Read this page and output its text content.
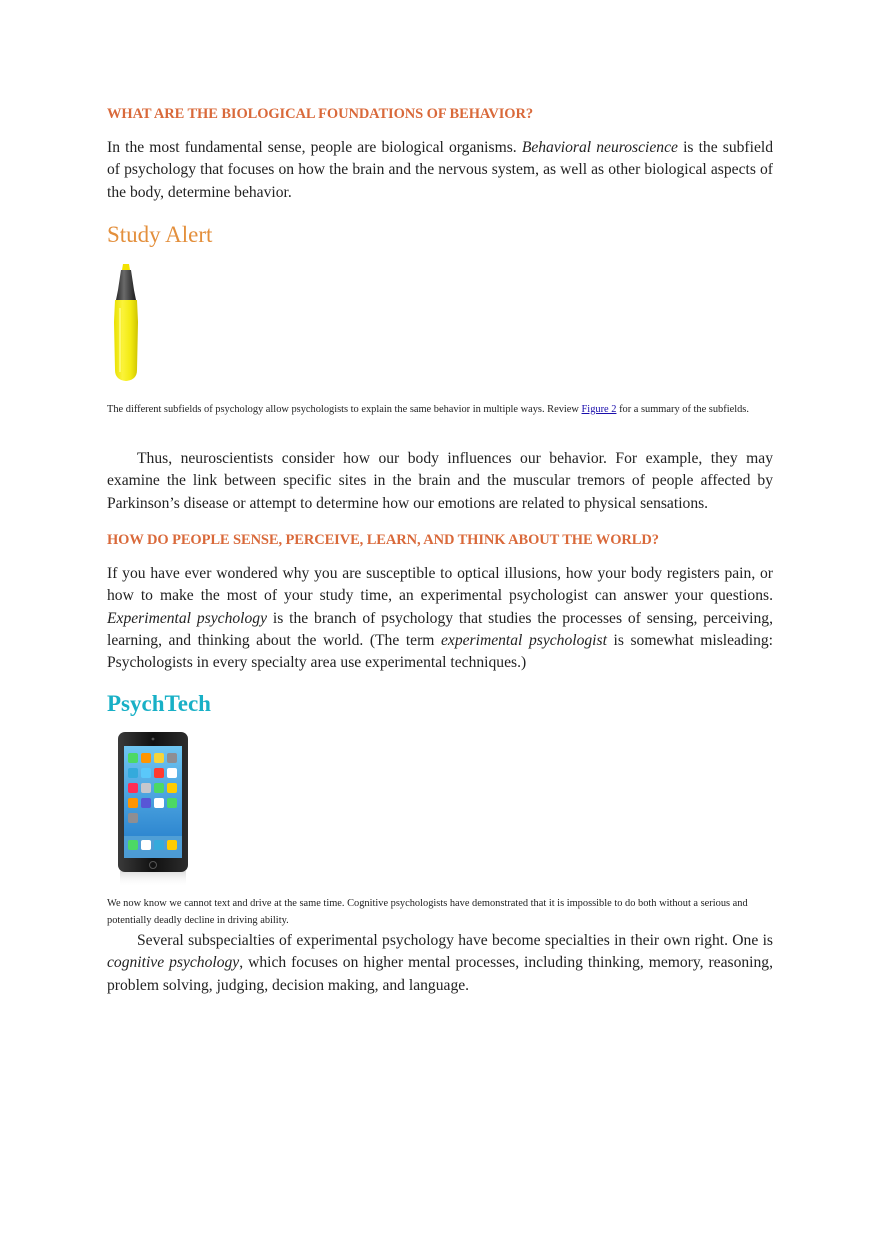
WHAT ARE THE BIOLOGICAL FOUNDATIONS OF BEHAVIOR?

In the most fundamental sense, people are biological organisms. Behavioral neuroscience is the subfield of psychology that focuses on how the brain and the nervous system, as well as other biological aspects of the body, determine behavior.

Study Alert

The different subfields of psychology allow psychologists to explain the same behavior in multiple ways. Review Figure 2 for a summary of the subfields.

Thus, neuroscientists consider how our body influences our behavior. For example, they may examine the link between specific sites in the brain and the muscular tremors of people affected by Parkinson’s disease or attempt to determine how our emotions are related to physical sensations.

HOW DO PEOPLE SENSE, PERCEIVE, LEARN, AND THINK ABOUT THE WORLD?

If you have ever wondered why you are susceptible to optical illusions, how your body registers pain, or how to make the most of your study time, an experimental psychologist can answer your questions. Experimental psychology is the branch of psychology that studies the processes of sensing, perceiving, learning, and thinking about the world. (The term experimental psychologist is somewhat misleading: Psychologists in every specialty area use experimental techniques.)

PsychTech

We now know we cannot text and drive at the same time. Cognitive psychologists have demonstrated that it is impossible to do both without a serious and potentially deadly decline in driving ability.

Several subspecialties of experimental psychology have become specialties in their own right. One is cognitive psychology, which focuses on higher mental processes, including thinking, memory, reasoning, problem solving, judging, decision making, and language.
